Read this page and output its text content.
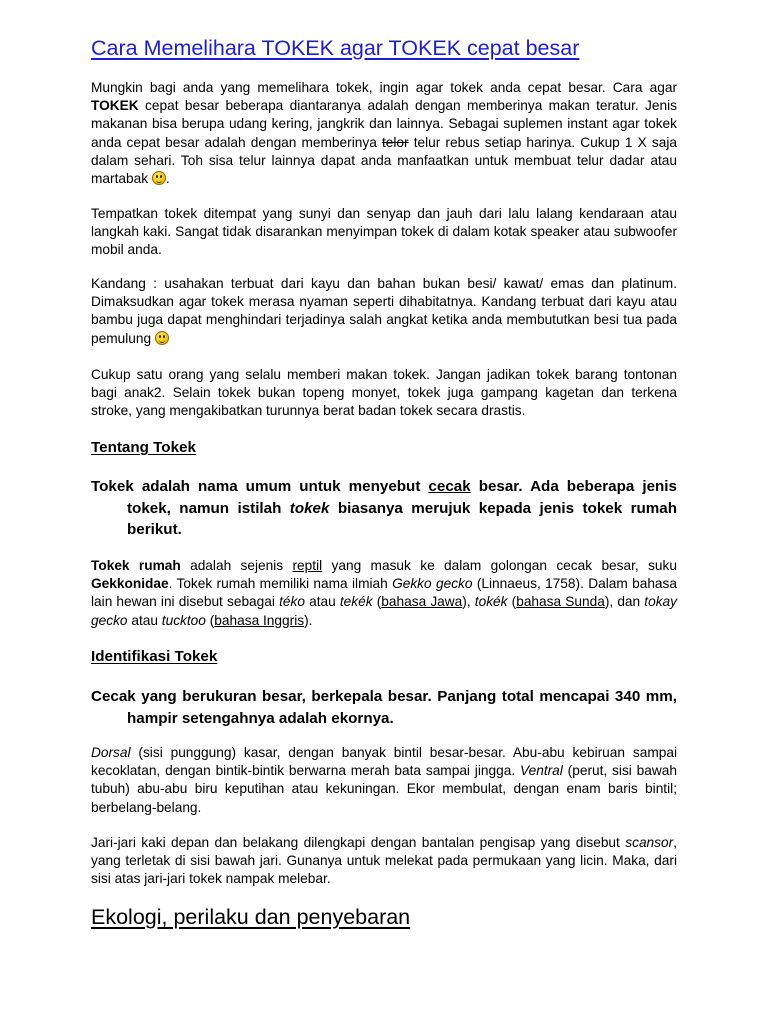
Cara Memelihara TOKEK agar TOKEK cepat besar
Mungkin bagi anda yang memelihara tokek, ingin agar tokek anda cepat besar. Cara agar TOKEK cepat besar beberapa diantaranya adalah dengan memberinya makan teratur. Jenis makanan bisa berupa udang kering, jangkrik dan lainnya. Sebagai suplemen instant agar tokek anda cepat besar adalah dengan memberinya telor telur rebus setiap harinya. Cukup 1 X saja dalam sehari. Toh sisa telur lainnya dapat anda manfaatkan untuk membuat telur dadar atau martabak
.
Tempatkan tokek ditempat yang sunyi dan senyap dan jauh dari lalu lalang kendaraan atau langkah kaki. Sangat tidak disarankan menyimpan tokek di dalam kotak speaker atau subwoofer mobil anda.
Kandang : usahakan terbuat dari kayu dan bahan bukan besi/ kawat/ emas dan platinum. Dimaksudkan agar tokek merasa nyaman seperti dihabitatnya. Kandang terbuat dari kayu atau bambu juga dapat menghindari terjadinya salah angkat ketika anda membututkan besi tua pada pemulung
Cukup satu orang yang selalu memberi makan tokek. Jangan jadikan tokek barang tontonan bagi anak2. Selain tokek bukan topeng monyet, tokek juga gampang kagetan dan terkena stroke, yang mengakibatkan turunnya berat badan tokek secara drastis.
Tentang Tokek
Tokek adalah nama umum untuk menyebut cecak besar. Ada beberapa jenis tokek, namun istilah tokek biasanya merujuk kepada jenis tokek rumah berikut.
Tokek rumah adalah sejenis reptil yang masuk ke dalam golongan cecak besar, suku Gekkonidae. Tokek rumah memiliki nama ilmiah Gekko gecko (Linnaeus, 1758). Dalam bahasa lain hewan ini disebut sebagai téko atau tekék (bahasa Jawa), tokék (bahasa Sunda), dan tokay gecko atau tucktoo (bahasa Inggris).
Identifikasi Tokek
Cecak yang berukuran besar, berkepala besar. Panjang total mencapai 340 mm, hampir setengahnya adalah ekornya.
Dorsal (sisi punggung) kasar, dengan banyak bintil besar-besar. Abu-abu kebiruan sampai kecoklatan, dengan bintik-bintik berwarna merah bata sampai jingga. Ventral (perut, sisi bawah tubuh) abu-abu biru keputihan atau kekuningan. Ekor membulat, dengan enam baris bintil; berbelang-belang.
Jari-jari kaki depan dan belakang dilengkapi dengan bantalan pengisap yang disebut scansor, yang terletak di sisi bawah jari. Gunanya untuk melekat pada permukaan yang licin. Maka, dari sisi atas jari-jari tokek nampak melebar.
Ekologi, perilaku dan penyebaran
